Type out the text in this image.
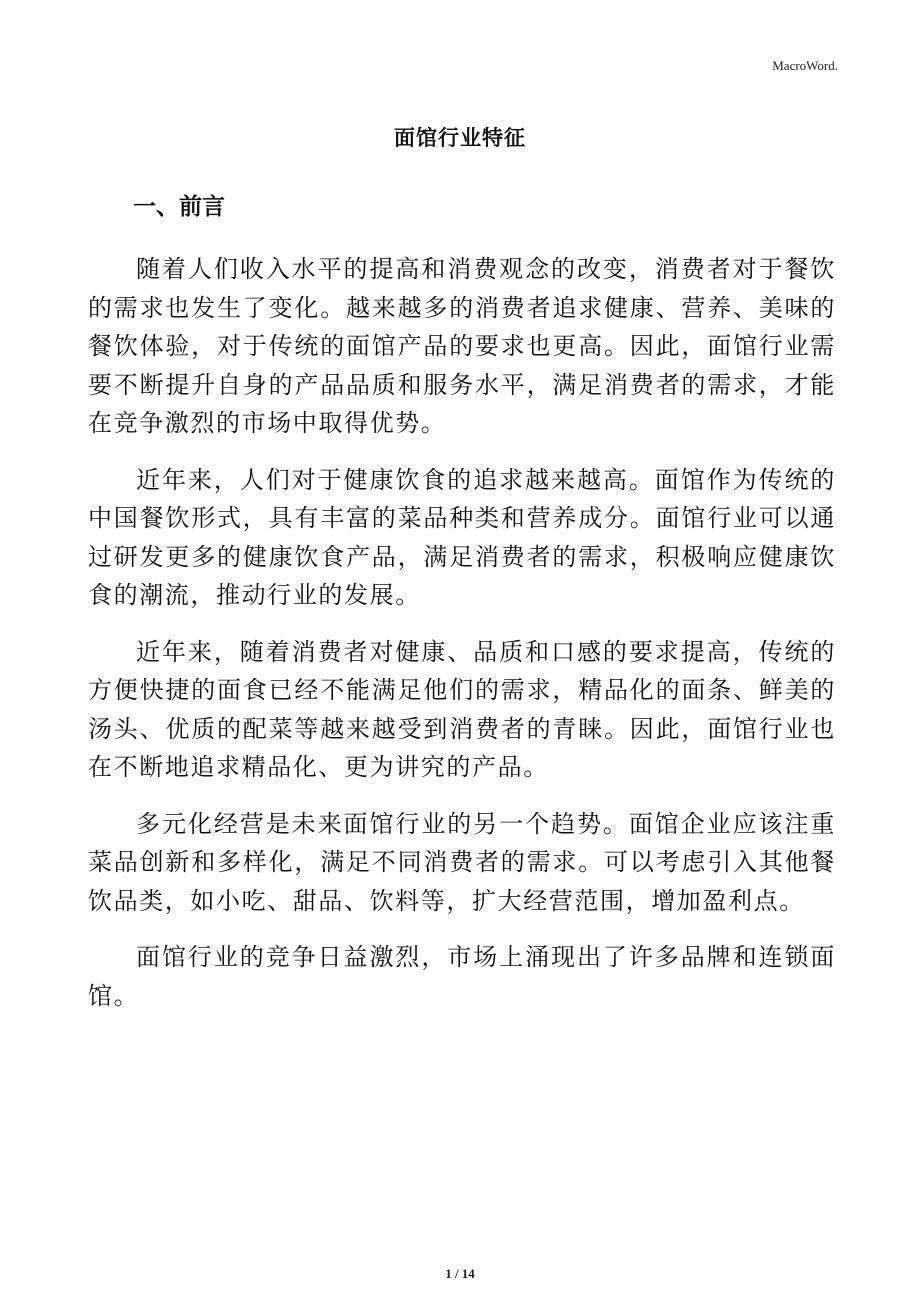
MacroWord.
面馆行业特征
一、前言

随着人们收入水平的提高和消费观念的改变，消费者对于餐饮的需求也发生了变化。越来越多的消费者追求健康、营养、美味的餐饮体验，对于传统的面馆产品的要求也更高。因此，面馆行业需要不断提升自身的产品品质和服务水平，满足消费者的需求，才能在竞争激烈的市场中取得优势。

近年来，人们对于健康饮食的追求越来越高。面馆作为传统的中国餐饮形式，具有丰富的菜品种类和营养成分。面馆行业可以通过研发更多的健康饮食产品，满足消费者的需求，积极响应健康饮食的潮流，推动行业的发展。

近年来，随着消费者对健康、品质和口感的要求提高，传统的方便快捷的面食已经不能满足他们的需求，精品化的面条、鲜美的汤头、优质的配菜等越来越受到消费者的青睐。因此，面馆行业也在不断地追求精品化、更为讲究的产品。

多元化经营是未来面馆行业的另一个趋势。面馆企业应该注重菜品创新和多样化，满足不同消费者的需求。可以考虑引入其他餐饮品类，如小吃、甜品、饮料等，扩大经营范围，增加盈利点。

面馆行业的竞争日益激烈，市场上涌现出了许多品牌和连锁面馆。

1 / 14
